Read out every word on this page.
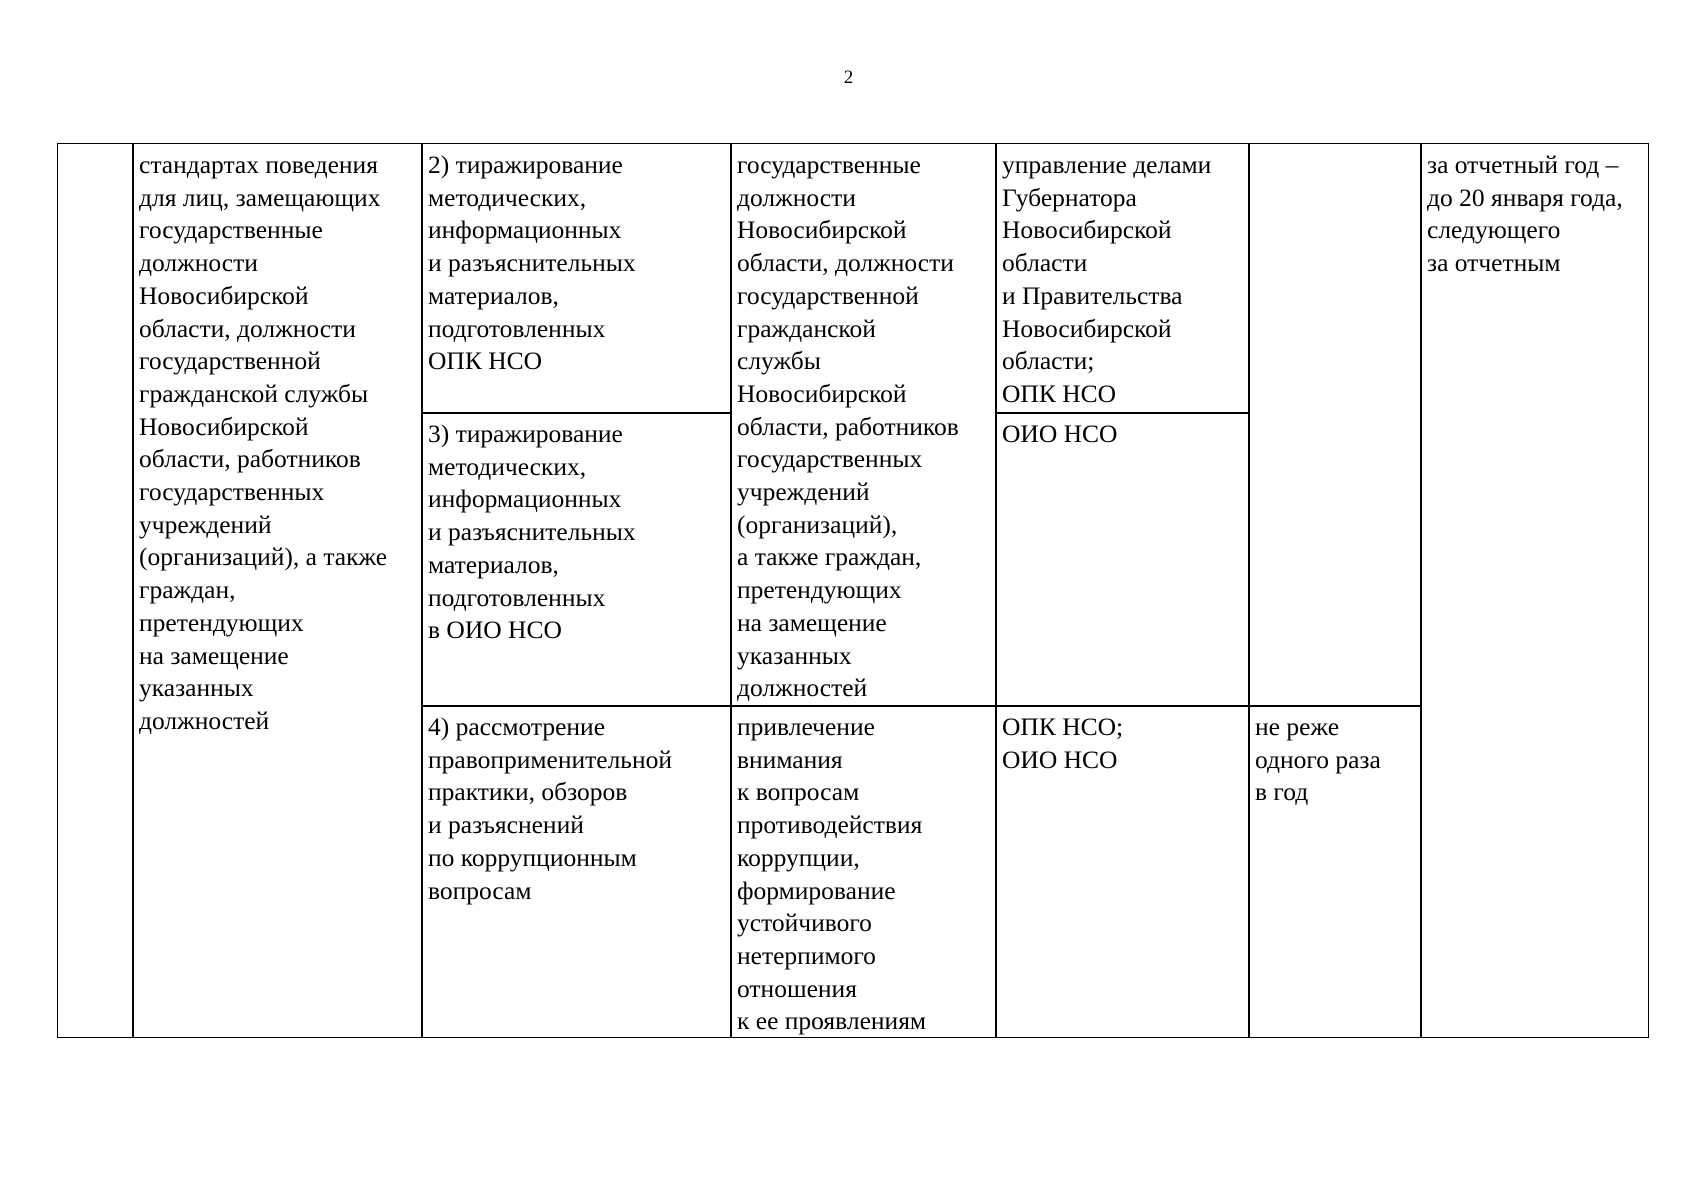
2
стандартах поведения
для лиц, замещающих
государственные
должности
Новосибирской
области, должности
государственной
гражданской службы
Новосибирской
области, работников
государственных
учреждений
(организаций), а также
граждан,
претендующих
на замещение
указанных
должностей
2) тиражирование
методических,
информационных
и разъяснительных
материалов,
подготовленных
ОПК НСО
государственные
должности
Новосибирской
области, должности
государственной
гражданской
службы
Новосибирской
области, работников
государственных
учреждений
(организаций),
а также граждан,
претендующих
на замещение
указанных
должностей
управление делами
Губернатора
Новосибирской
области
и Правительства
Новосибирской
области;
ОПК НСО
за отчетный год –
до 20 января года,
следующего
за отчетным
3) тиражирование
методических,
информационных
и разъяснительных
материалов,
подготовленных
в ОИО НСО
ОИО НСО
4) рассмотрение
правоприменительной
практики, обзоров
и разъяснений
по коррупционным
вопросам
привлечение
внимания
к вопросам
противодействия
коррупции,
формирование
устойчивого
нетерпимого
отношения
к ее проявлениям
ОПК НСО;
ОИО НСО
не реже
одного раза
в год
